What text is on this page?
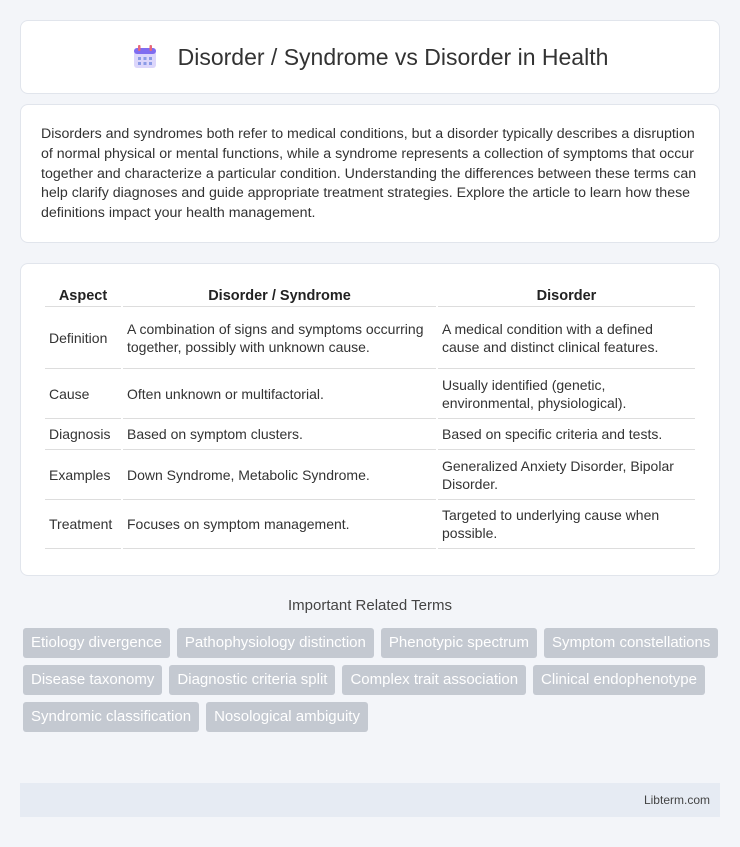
Disorder / Syndrome vs Disorder in Health

Disorders and syndromes both refer to medical conditions, but a disorder typically describes a disruption of normal physical or mental functions, while a syndrome represents a collection of symptoms that occur together and characterize a particular condition. Understanding the differences between these terms can help clarify diagnoses and guide appropriate treatment strategies. Explore the article to learn how these definitions impact your health management.

Aspect	Disorder / Syndrome	Disorder
Definition	A combination of signs and symptoms occurring together, possibly with unknown cause.	A medical condition with a defined cause and distinct clinical features.
Cause	Often unknown or multifactorial.	Usually identified (genetic, environmental, physiological).
Diagnosis	Based on symptom clusters.	Based on specific criteria and tests.
Examples	Down Syndrome, Metabolic Syndrome.	Generalized Anxiety Disorder, Bipolar Disorder.
Treatment	Focuses on symptom management.	Targeted to underlying cause when possible.
Important Related Terms
Etiology divergence	Pathophysiology distinction	Phenotypic spectrum	Symptom constellations
Disease taxonomy	Diagnostic criteria split	Complex trait association	Clinical endophenotype
Syndromic classification	Nosological ambiguity
Libterm.com
